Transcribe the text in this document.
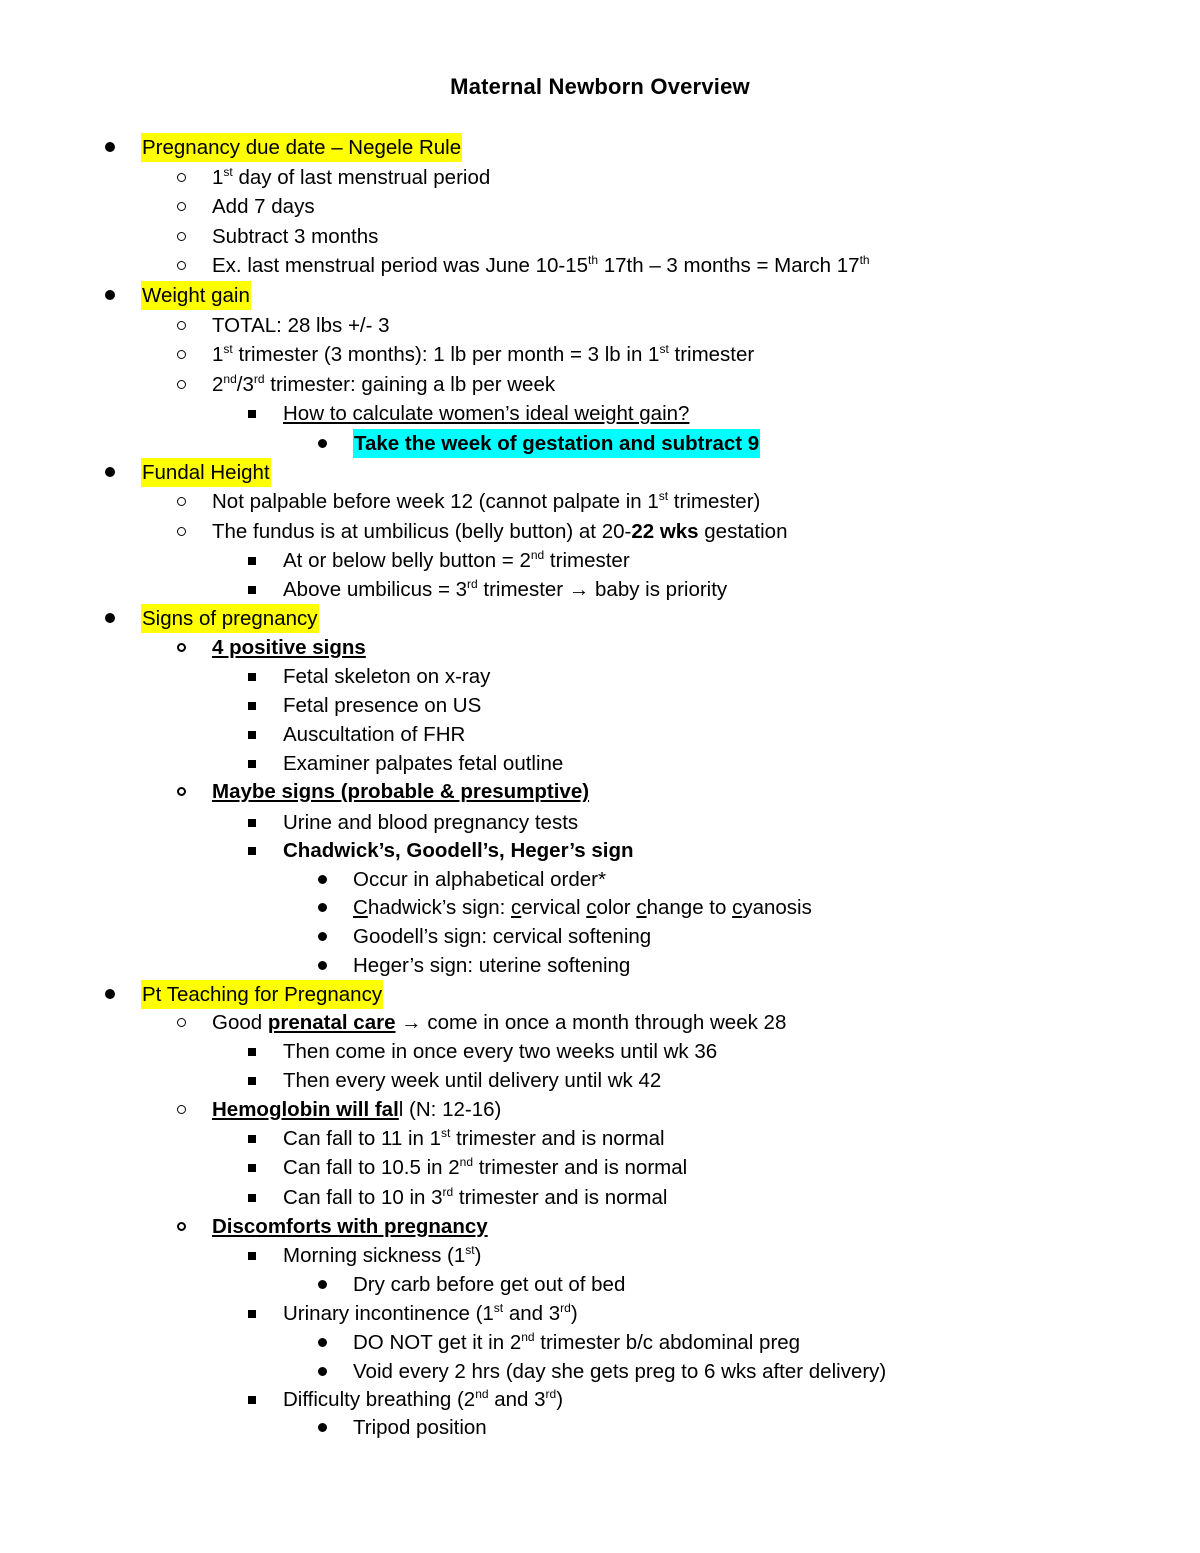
Maternal Newborn Overview
Pregnancy due date – Negele Rule
1st day of last menstrual period
Add 7 days
Subtract 3 months
Ex. last menstrual period was June 10-15th 17th – 3 months = March 17th
Weight gain
TOTAL: 28 lbs +/- 3
1st trimester (3 months): 1 lb per month = 3 lb in 1st trimester
2nd/3rd trimester: gaining a lb per week
How to calculate women’s ideal weight gain?
Take the week of gestation and subtract 9
Fundal Height
Not palpable before week 12 (cannot palpate in 1st trimester)
The fundus is at umbilicus (belly button) at 20-22 wks gestation
At or below belly button = 2nd trimester
Above umbilicus = 3rd trimester → baby is priority
Signs of pregnancy
4 positive signs
Fetal skeleton on x-ray
Fetal presence on US
Auscultation of FHR
Examiner palpates fetal outline
Maybe signs (probable & presumptive)
Urine and blood pregnancy tests
Chadwick’s, Goodell’s, Heger’s sign
Occur in alphabetical order*
Chadwick’s sign: cervical color change to cyanosis
Goodell’s sign: cervical softening
Heger’s sign: uterine softening
Pt Teaching for Pregnancy
Good prenatal care → come in once a month through week 28
Then come in once every two weeks until wk 36
Then every week until delivery until wk 42
Hemoglobin will fall (N: 12-16)
Can fall to 11 in 1st trimester and is normal
Can fall to 10.5 in 2nd trimester and is normal
Can fall to 10 in 3rd trimester and is normal
Discomforts with pregnancy
Morning sickness (1st)
Dry carb before get out of bed
Urinary incontinence (1st and 3rd)
DO NOT get it in 2nd trimester b/c abdominal preg
Void every 2 hrs (day she gets preg to 6 wks after delivery)
Difficulty breathing (2nd and 3rd)
Tripod position
